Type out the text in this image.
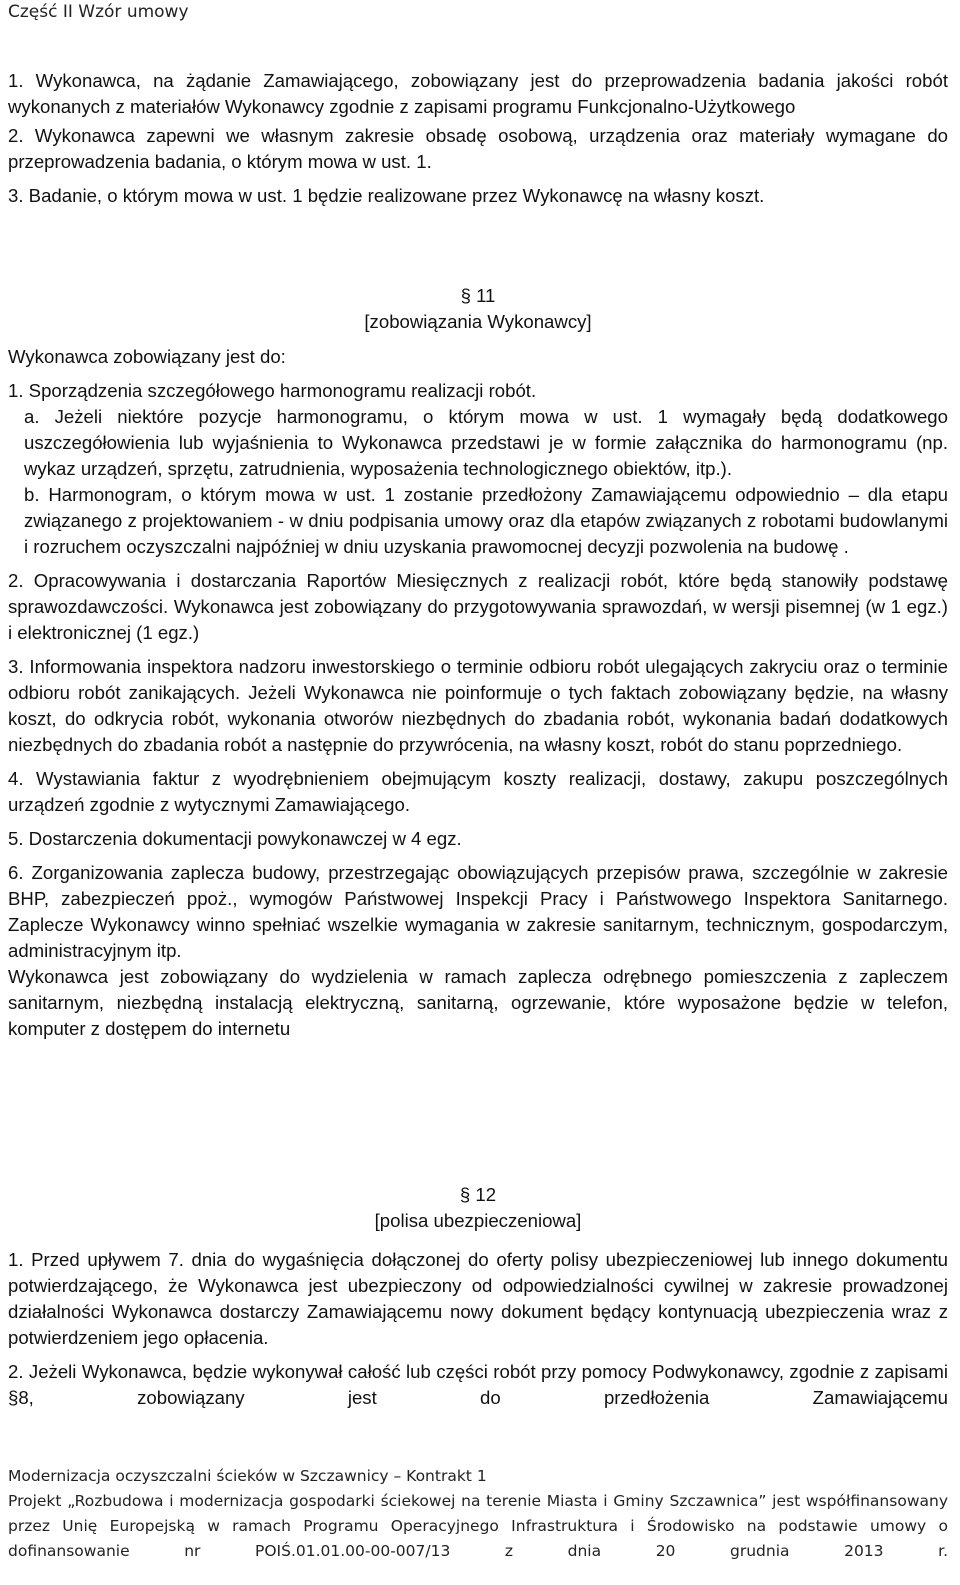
Część II Wzór umowy

1. Wykonawca, na żądanie Zamawiającego, zobowiązany jest do przeprowadzenia badania jakości robót wykonanych z materiałów Wykonawcy zgodnie z zapisami programu Funkcjonalno-Użytkowego

2. Wykonawca zapewni we własnym zakresie obsadę osobową, urządzenia oraz materiały wymagane do przeprowadzenia badania, o którym mowa w ust. 1.

3. Badanie, o którym mowa w ust. 1 będzie realizowane przez Wykonawcę na własny koszt.

§ 11
[zobowiązania Wykonawcy]

Wykonawca zobowiązany jest do:

1. Sporządzenia szczegółowego harmonogramu realizacji robót.

a. Jeżeli niektóre pozycje harmonogramu, o którym mowa w ust. 1 wymagały będą dodatkowego uszczegółowienia lub wyjaśnienia to Wykonawca przedstawi je w formie załącznika do harmonogramu (np. wykaz urządzeń, sprzętu, zatrudnienia, wyposażenia technologicznego obiektów, itp.).

b. Harmonogram, o którym mowa w ust. 1 zostanie przedłożony Zamawiającemu odpowiednio – dla etapu związanego z projektowaniem - w dniu podpisania umowy oraz dla etapów związanych z robotami budowlanymi i rozruchem oczyszczalni najpóźniej w dniu uzyskania prawomocnej decyzji pozwolenia na budowę .

2. Opracowywania i dostarczania Raportów Miesięcznych z realizacji robót, które będą stanowiły podstawę sprawozdawczości. Wykonawca jest zobowiązany do przygotowywania sprawozdań, w wersji pisemnej (w 1 egz.) i elektronicznej (1 egz.)

3. Informowania inspektora nadzoru inwestorskiego o terminie odbioru robót ulegających zakryciu oraz o terminie odbioru robót zanikających. Jeżeli Wykonawca nie poinformuje o tych faktach zobowiązany będzie, na własny koszt, do odkrycia robót, wykonania otworów niezbędnych do zbadania robót, wykonania badań dodatkowych niezbędnych do zbadania robót a następnie do przywrócenia, na własny koszt, robót do stanu poprzedniego.

4. Wystawiania faktur z wyodrębnieniem obejmującym koszty realizacji, dostawy, zakupu poszczególnych urządzeń zgodnie z wytycznymi Zamawiającego.

5. Dostarczenia dokumentacji powykonawczej w 4 egz.

6. Zorganizowania zaplecza budowy, przestrzegając obowiązujących przepisów prawa, szczególnie w zakresie BHP, zabezpieczeń ppoż., wymogów Państwowej Inspekcji Pracy i Państwowego Inspektora Sanitarnego. Zaplecze Wykonawcy winno spełniać wszelkie wymagania w zakresie sanitarnym, technicznym, gospodarczym, administracyjnym itp.

Wykonawca jest zobowiązany do wydzielenia w ramach zaplecza odrębnego pomieszczenia z zapleczem sanitarnym, niezbędną instalacją elektryczną, sanitarną, ogrzewanie, które wyposażone będzie w telefon, komputer z dostępem do internetu

§ 12
[polisa ubezpieczeniowa]

1. Przed upływem 7. dnia do wygaśnięcia dołączonej do oferty polisy ubezpieczeniowej lub innego dokumentu potwierdzającego, że Wykonawca jest ubezpieczony od odpowiedzialności cywilnej w zakresie prowadzonej działalności Wykonawca dostarczy Zamawiającemu nowy dokument będący kontynuacją ubezpieczenia wraz z potwierdzeniem jego opłacenia.

2. Jeżeli Wykonawca, będzie wykonywał całość lub części robót przy pomocy Podwykonawcy, zgodnie z zapisami §8, zobowiązany jest do przedłożenia Zamawiającemu

Modernizacja oczyszczalni ścieków w Szczawnicy – Kontrakt 1
Projekt „Rozbudowa i modernizacja gospodarki ściekowej na terenie Miasta i Gminy Szczawnica” jest współfinansowany przez Unię Europejską w ramach Programu Operacyjnego Infrastruktura i Środowisko na podstawie umowy o dofinansowanie nr POIŚ.01.01.00-00-007/13 z dnia 20 grudnia 2013 r.
